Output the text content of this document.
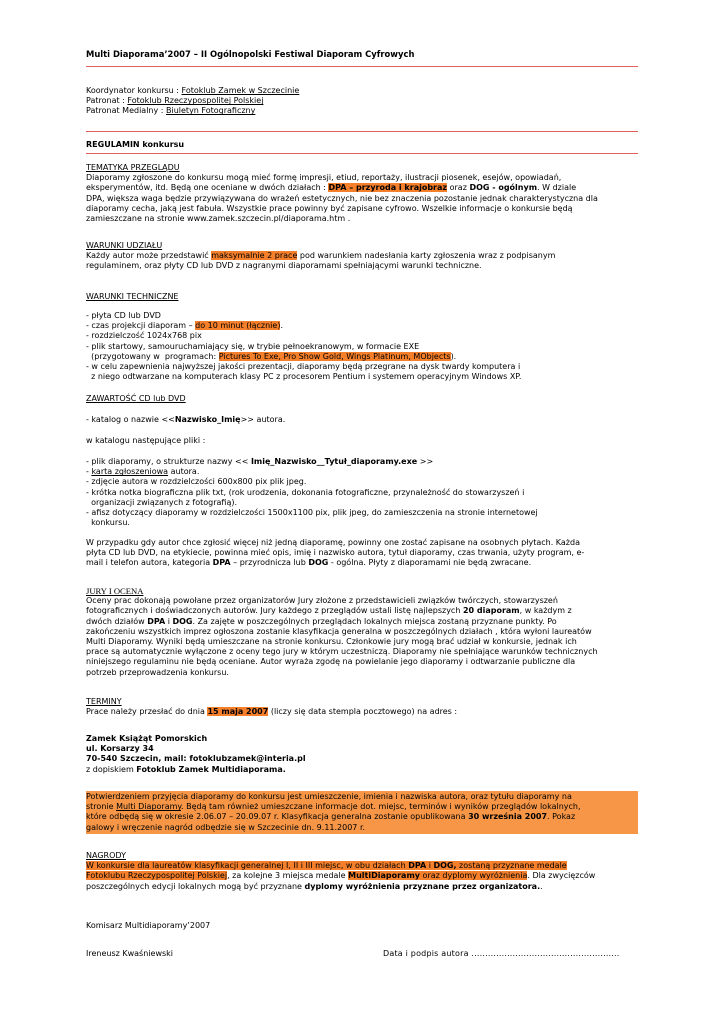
Multi Diaporama’2007 – II Ogólnopolski Festiwal Diaporam Cyfrowych
Koordynator konkursu : Fotoklub Zamek w Szczecinie
Patronat : Fotoklub Rzeczypospolitej Polskiej
Patronat Medialny : Biuletyn Fotograficzny
REGULAMIN konkursu
TEMATYKA PRZEGLĄDU
Diaporamy zgłoszone do konkursu mogą mieć formę impresji, etiud, reportaży, ilustracji piosenek, esejów, opowiadań,
eksperymentów, itd. Będą one oceniane w dwóch działach : DPA – przyroda i krajobraz oraz DOG - ogólnym. W dziale
DPA, większa waga będzie przywiązywana do wrażeń estetycznych, nie bez znaczenia pozostanie jednak charakterystyczna dla
diaporamy cecha, jaką jest fabuła. Wszystkie prace powinny być zapisane cyfrowo. Wszelkie informacje o konkursie będą
zamieszczane na stronie www.zamek.szczecin.pl/diaporama.htm .
WARUNKI UDZIAŁU
Każdy autor może przedstawić maksymalnie 2 prace pod warunkiem nadesłania karty zgłoszenia wraz z podpisanym
regulaminem, oraz płyty CD lub DVD z nagranymi diaporamami spełniającymi warunki techniczne.
WARUNKI TECHNICZNE
- płyta CD lub DVD
- czas projekcji diaporam – do 10 minut (łącznie).
- rozdzielczość 1024x768 pix
- plik startowy, samouruchamiający się, w trybie pełnoekranowym, w formacie EXE
(przygotowany w  programach: Pictures To Exe, Pro Show Gold, Wings Platinum, MObjects).
- w celu zapewnienia najwyższej jakości prezentacji, diaporamy będą przegrane na dysk twardy komputera i
z niego odtwarzane na komputerach klasy PC z procesorem Pentium i systemem operacyjnym Windows XP.
ZAWARTOŚĆ CD lub DVD
- katalog o nazwie <<Nazwisko_Imię>> autora.
w katalogu następujące pliki :
- plik diaporamy, o strukturze nazwy << Imię_Nazwisko__Tytuł_diaporamy.exe >>
- karta zgłoszeniowa autora.
- zdjęcie autora w rozdzielczości 600x800 pix plik jpeg.
- krótka notka biograficzna plik txt, (rok urodzenia, dokonania fotograficzne, przynależność do stowarzyszeń i
organizacji związanych z fotografią).
- afisz dotyczący diaporamy w rozdzielczości 1500x1100 pix, plik jpeg, do zamieszczenia na stronie internetowej
konkursu.
W przypadku gdy autor chce zgłosić więcej niż jedną diaporamę, powinny one zostać zapisane na osobnych płytach. Każda
płyta CD lub DVD, na etykiecie, powinna mieć opis, imię i nazwisko autora, tytuł diaporamy, czas trwania, użyty program, e-
mail i telefon autora, kategoria DPA – przyrodnicza lub DOG - ogólna. Płyty z diaporamami nie będą zwracane.
JURY I OCENA
Oceny prac dokonają powołane przez organizatorów Jury złożone z przedstawicieli związków twórczych, stowarzyszeń
fotograficznych i doświadczonych autorów. Jury każdego z przeglądów ustali listę najlepszych 20 diaporam, w każdym z
dwóch działów DPA i DOG. Za zajęte w poszczególnych przeglądach lokalnych miejsca zostaną przyznane punkty. Po
zakończeniu wszystkich imprez ogłoszona zostanie klasyfikacja generalna w poszczególnych działach , która wyłoni laureatów
Multi Diaporamy. Wyniki będą umieszczane na stronie konkursu. Członkowie jury mogą brać udział w konkursie, jednak ich
prace są automatycznie wyłączone z oceny tego jury w którym uczestniczą. Diaporamy nie spełniające warunków technicznych
niniejszego regulaminu nie będą oceniane. Autor wyraża zgodę na powielanie jego diaporamy i odtwarzanie publiczne dla
potrzeb przeprowadzenia konkursu.
TERMINY
Prace należy przesłać do dnia 15 maja 2007 (liczy się data stempla pocztowego) na adres :
Zamek Książąt Pomorskich
ul. Korsarzy 34
70-540 Szczecin, mail: fotoklubzamek@interia.pl
z dopiskiem Fotoklub Zamek Multidiaporama.
Potwierdzeniem przyjęcia diaporamy do konkursu jest umieszczenie, imienia i nazwiska autora, oraz tytułu diaporamy na
stronie Multi Diaporamy. Będą tam również umieszczane informacje dot. miejsc, terminów i wyników przeglądów lokalnych,
które odbędą się w okresie 2.06.07 – 20.09.07 r. Klasyfikacja generalna zostanie opublikowana 30 września 2007. Pokaz
galowy i wręczenie nagród odbędzie się w Szczecinie dn. 9.11.2007 r.
NAGRODY
W konkursie dla laureatów klasyfikacji generalnej I, II i III miejsc, w obu działach DPA i DOG, zostaną przyznane medale
Fotoklubu Rzeczypospolitej Polskiej, za kolejne 3 miejsca medale MultiDiaporamy oraz dyplomy wyróżnienia. Dla zwycięzców
poszczególnych edycji lokalnych mogą być przyznane dyplomy wyróżnienia przyznane przez organizatora..
Komisarz Multidiaporamy’2007
Ireneusz Kwaśniewski	Data i podpis autora ......................................................
